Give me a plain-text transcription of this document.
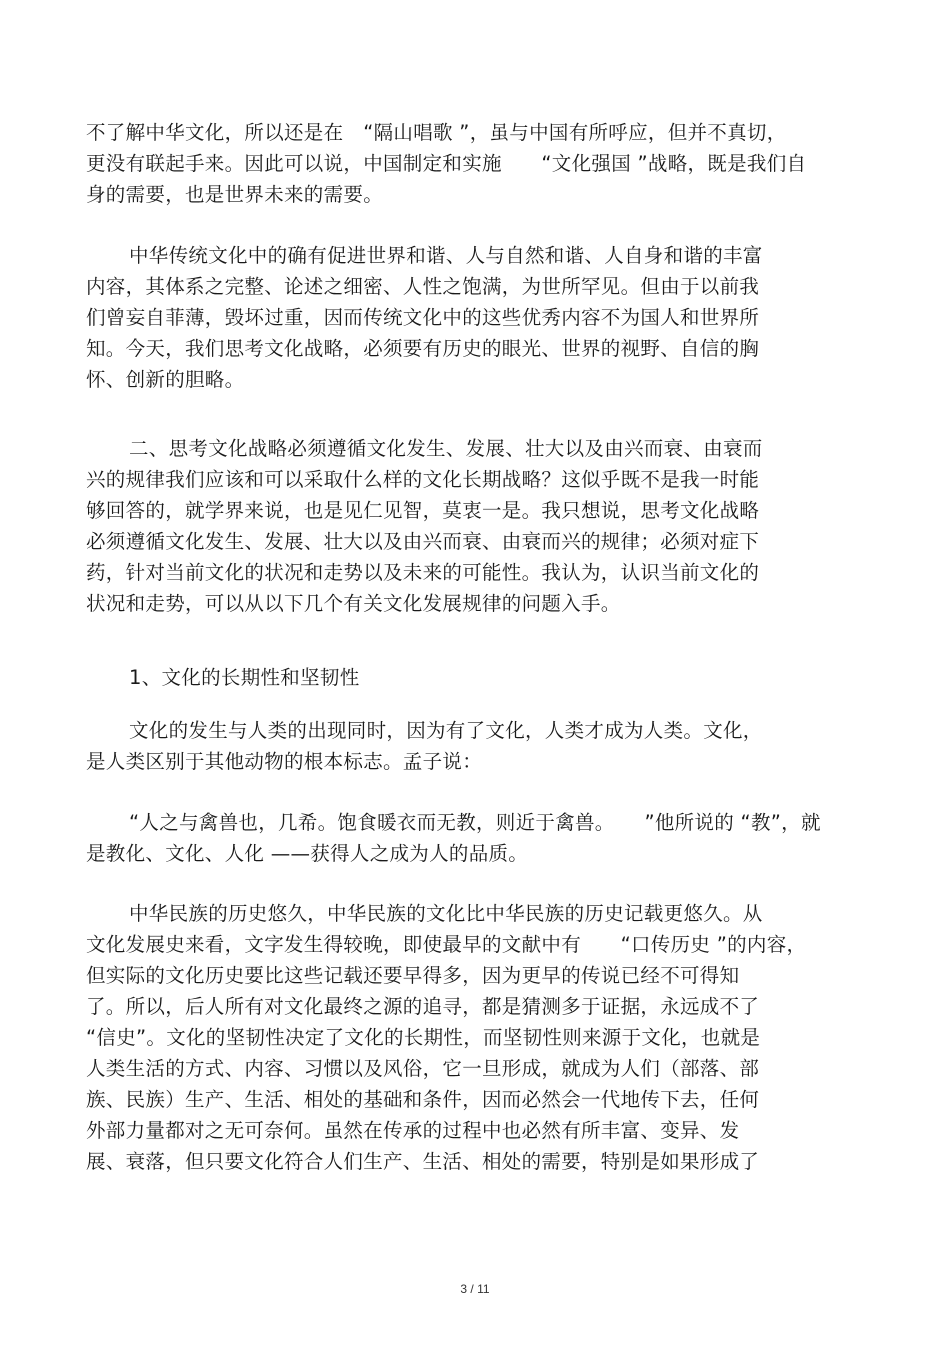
不了解中华文化，所以还是在　“隔山唱歌 ”，虽与中国有所呼应，但并不真切，
更没有联起手来。因此可以说，中国制定和实施　　“文化强国 ”战略，既是我们自
身的需要，也是世界未来的需要。
中华传统文化中的确有促进世界和谐、人与自然和谐、人自身和谐的丰富
内容，其体系之完整、论述之细密、人性之饱满，为世所罕见。但由于以前我
们曾妄自菲薄，毁坏过重，因而传统文化中的这些优秀内容不为国人和世界所
知。今天，我们思考文化战略，必须要有历史的眼光、世界的视野、自信的胸
怀、创新的胆略。
二、思考文化战略必须遵循文化发生、发展、壮大以及由兴而衰、由衰而
兴的规律我们应该和可以采取什么样的文化长期战略？这似乎既不是我一时能
够回答的，就学界来说，也是见仁见智，莫衷一是。我只想说，思考文化战略
必须遵循文化发生、发展、壮大以及由兴而衰、由衰而兴的规律；必须对症下
药，针对当前文化的状况和走势以及未来的可能性。我认为，认识当前文化的
状况和走势，可以从以下几个有关文化发展规律的问题入手。
1、文化的长期性和坚韧性
文化的发生与人类的出现同时，因为有了文化，人类才成为人类。文化，
是人类区别于其他动物的根本标志。孟子说：
“人之与禽兽也，几希。饱食暖衣而无教，则近于禽兽。　　”他所说的 “教”，就
是教化、文化、人化 ——获得人之成为人的品质。
中华民族的历史悠久，中华民族的文化比中华民族的历史记载更悠久。从
文化发展史来看，文字发生得较晚，即使最早的文献中有　　“口传历史 ”的内容，
但实际的文化历史要比这些记载还要早得多，因为更早的传说已经不可得知
了。所以，后人所有对文化最终之源的追寻，都是猜测多于证据，永远成不了
“信史”。文化的坚韧性决定了文化的长期性，而坚韧性则来源于文化，也就是
人类生活的方式、内容、习惯以及风俗，它一旦形成，就成为人们（部落、部
族、民族）生产、生活、相处的基础和条件，因而必然会一代地传下去，任何
外部力量都对之无可奈何。虽然在传承的过程中也必然有所丰富、变异、发
展、衰落，但只要文化符合人们生产、生活、相处的需要，特别是如果形成了
3 / 11
